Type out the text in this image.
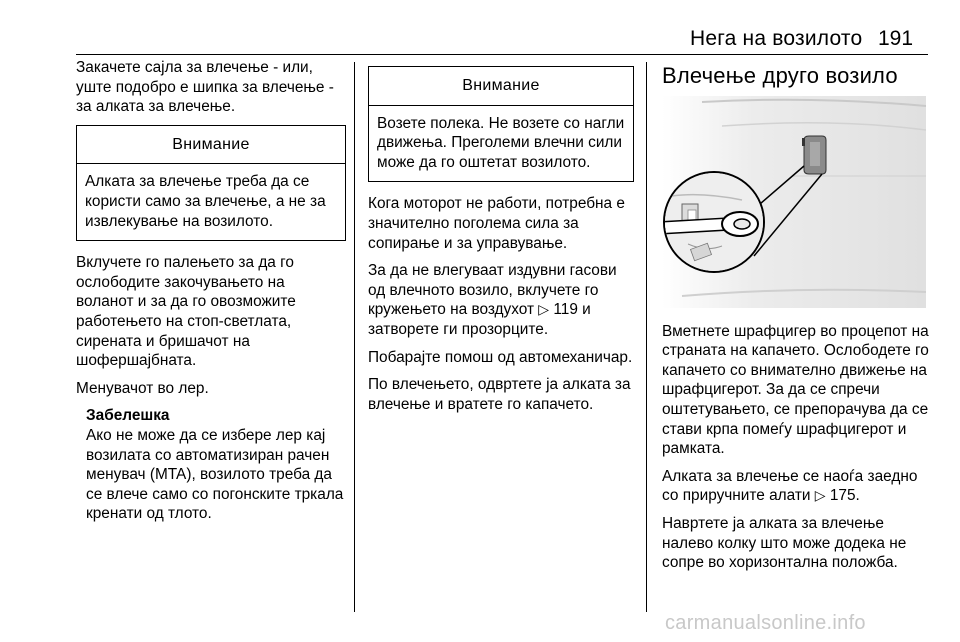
Нега на возилото 191

Закачете сајла за влечење - или, уште подобро е шипка за влечење - за алката за влечење.

Внимание
Алката за влечење треба да се користи само за влечење, а не за извлекување на возилото.

Вклучете го палењето за да го ослободите закочувањето на воланот и за да го овозможите работењето на стоп-светлата, сирената и бришачот на шофершајбната.

Менувачот во лер.

Забелешка
Ако не може да се избере лер кај возилата со автоматизиран рачен менувач (MTA), возилото треба да се влече само со погонските тркала кренати од тлото.
Внимание
Возете полека. Не возете со нагли движења. Преголеми влечни сили може да го оштетат возилото.

Кога моторот не работи, потребна е значително поголема сила за сопирање и за управување.

За да не влегуваат издувни гасови од влечното возило, вклучете го кружењето на воздухот ▷ 119 и затворете ги прозорците.

Побарајте помош од автомеханичар.

По влечењето, одвртете ја алката за влечење и вратете го капачето.

Влечење друго возило

Вметнете шрафцигер во процепот на страната на капачето. Ослободете го капачето со внимателно движење на шрафцигерот. За да се спречи оштетувањето, се препорачува да се стави крпа помеѓу шрафцигерот и рамката.

Алката за влечење се наоѓа заедно со приручните алати ▷ 175.

Навртете ја алката за влечење налево колку што може додека не сопре во хоризонтална положба.

carmanualsonline.info
